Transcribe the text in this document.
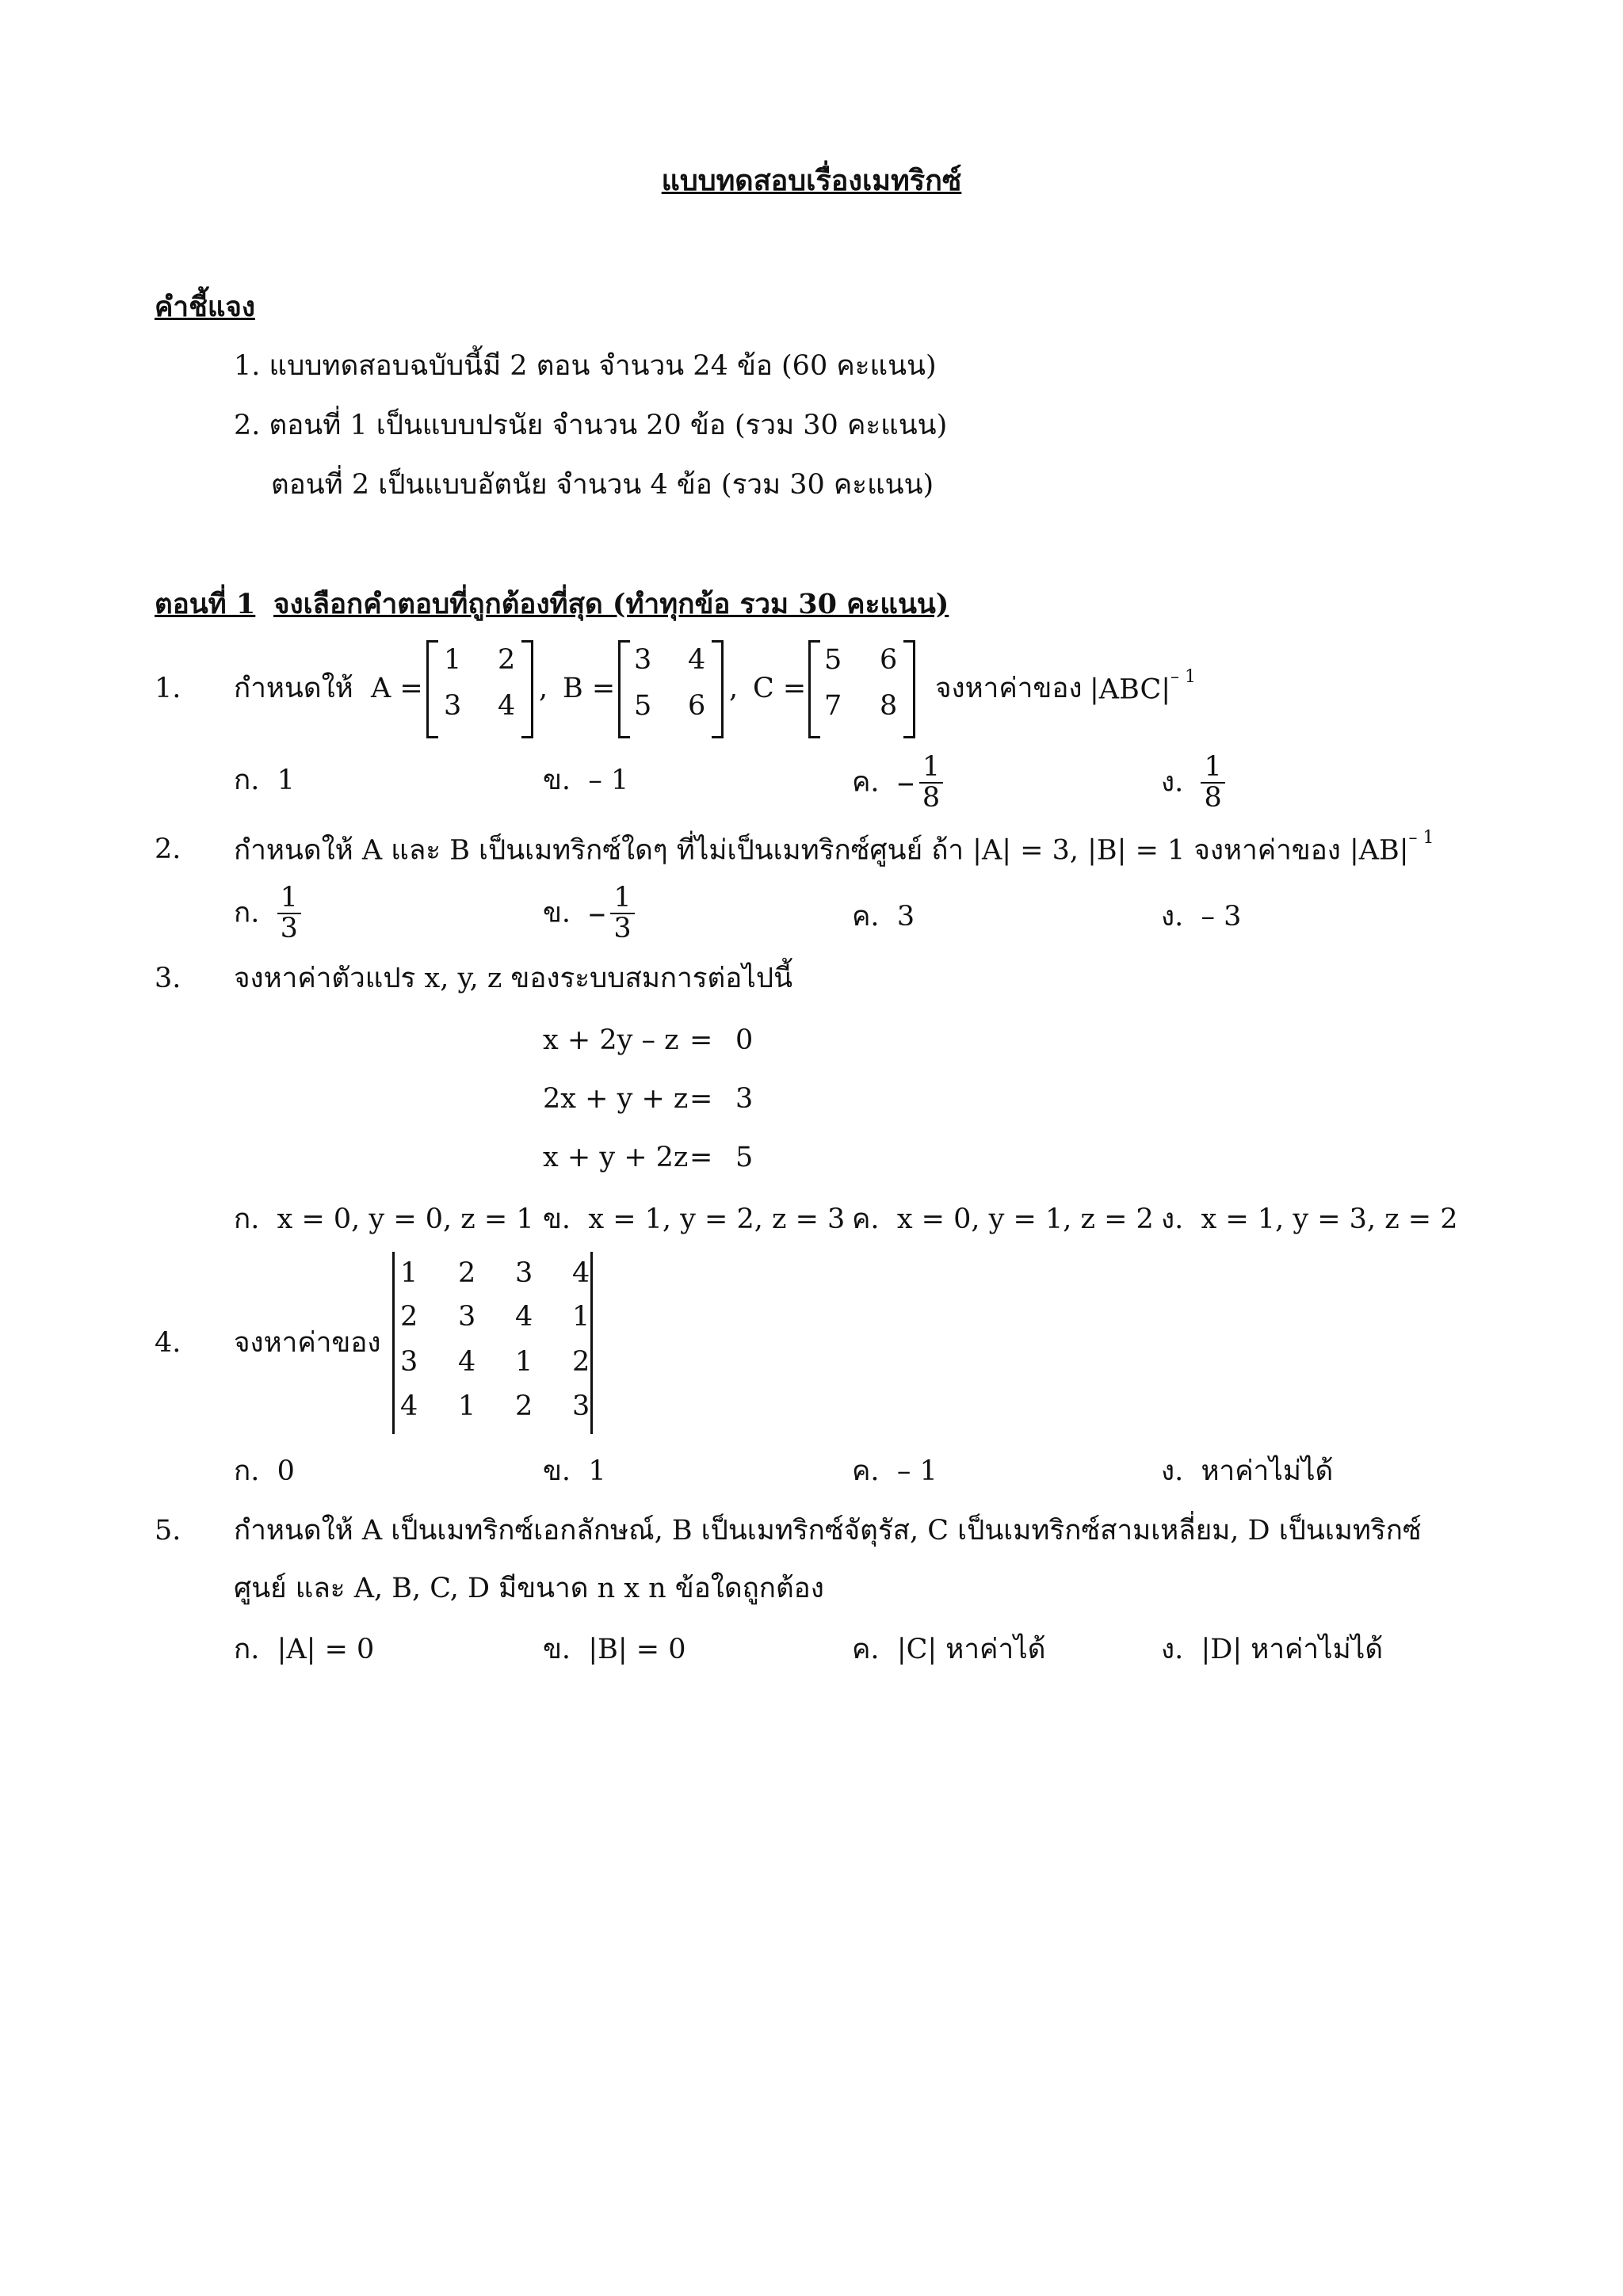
แบบทดสอบเรื่องเมทริกซ์
คำชี้แจง
1. แบบทดสอบฉบับนี้มี 2 ตอน จำนวน 24 ข้อ (60 คะแนน)
2. ตอนที่ 1 เป็นแบบปรนัย จำนวน 20 ข้อ (รวม 30 คะแนน)
ตอนที่ 2 เป็นแบบอัตนัย จำนวน 4 ข้อ (รวม 30 คะแนน)
ตอนที่ 1 จงเลือกคำตอบที่ถูกต้องที่สุด (ทำทุกข้อ รวม 30 คะแนน)
1. กำหนดให้ A =
1 2
3 4
, B =
3 4
5 6
, C =
5 6
7 8
จงหาค่าของ $|ABC|^{- 1}$
ก. 1	ข. – 1	ค. – $\frac{1}{8}$	ง. $\frac{1}{8}$
2. กำหนดให้ A และ B เป็นเมทริกซ์ใดๆ ที่ไม่เป็นเมทริกซ์ศูนย์ ถ้า |A| = 3, |B| = 1 จงหาค่าของ $|AB|^{- 1}$
ก. $\frac{1}{3}$	ข. – $\frac{1}{3}$	ค. 3	ง. – 3
3. จงหาค่าตัวแปร x, y, z ของระบบสมการต่อไปนี้
x + 2y – z = 0
2x + y + z = 3
x + y + 2z = 5
ก. x = 0, y = 0, z = 1 ข. x = 1, y = 2, z = 3 ค. x = 0, y = 1, z = 2 ง. x = 1, y = 3, z = 2
4. จงหาค่าของ
1 2 3 4
2 3 4 1
3 4 1 2
4 1 2 3
ก. 0	ข. 1	ค. – 1	ง. หาค่าไม่ได้
5. กำหนดให้ A เป็นเมทริกซ์เอกลักษณ์, B เป็นเมทริกซ์จัตุรัส, C เป็นเมทริกซ์สามเหลี่ยม, D เป็นเมทริกซ์
ศูนย์ และ A, B, C, D มีขนาด n x n ข้อใดถูกต้อง
ก. |A| = 0	ข. |B| = 0	ค. |C| หาค่าได้	ง. |D| หาค่าไม่ได้
